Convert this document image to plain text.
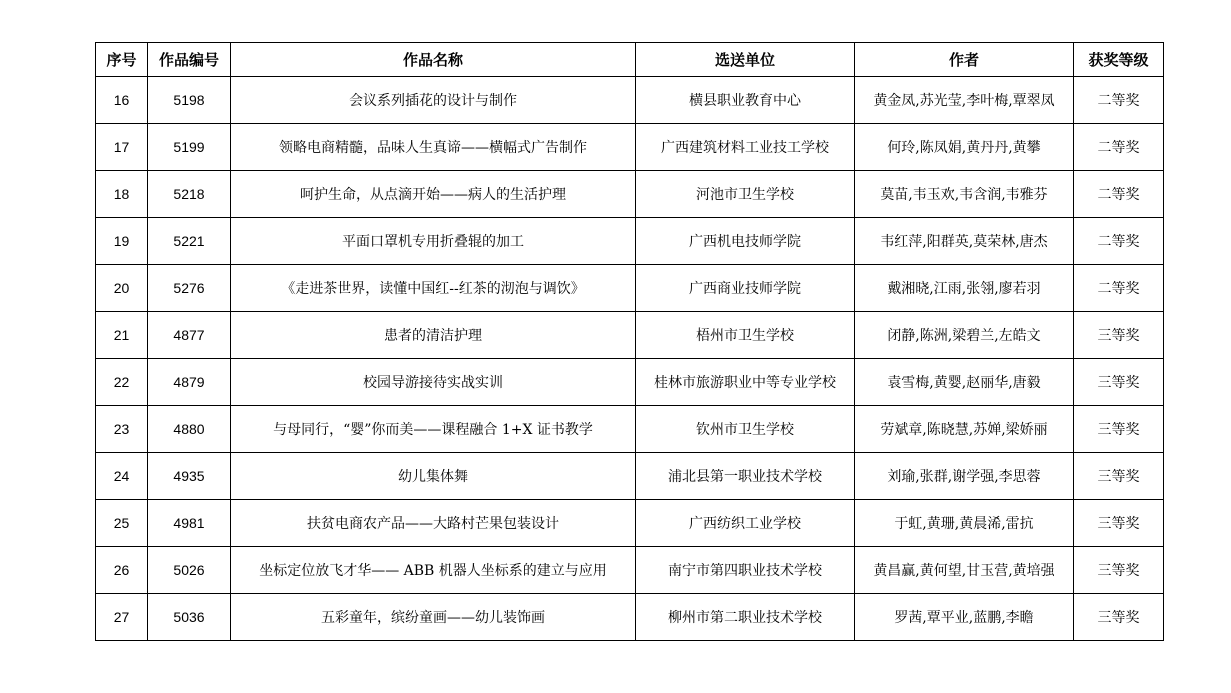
序号	作品编号	作品名称	选送单位	作者	获奖等级
16	5198	会议系列插花的设计与制作	横县职业教育中心	黄金凤,苏光莹,李叶梅,覃翠凤	二等奖
17	5199	领略电商精髓，品味人生真谛——横幅式广告制作	广西建筑材料工业技工学校	何玲,陈凤娟,黄丹丹,黄攀	二等奖
18	5218	呵护生命，从点滴开始——病人的生活护理	河池市卫生学校	莫苗,韦玉欢,韦含润,韦雅芬	二等奖
19	5221	平面口罩机专用折叠辊的加工	广西机电技师学院	韦红萍,阳群英,莫荣林,唐杰	二等奖
20	5276	《走进茶世界，读懂中国红--红茶的沏泡与调饮》	广西商业技师学院	戴湘晓,江雨,张翎,廖若羽	二等奖
21	4877	患者的清洁护理	梧州市卫生学校	闭静,陈洲,梁碧兰,左皓文	三等奖
22	4879	校园导游接待实战实训	桂林市旅游职业中等专业学校	袁雪梅,黄婴,赵丽华,唐毅	三等奖
23	4880	与母同行，“婴”你而美——课程融合 1+X 证书教学	钦州市卫生学校	劳斌章,陈晓慧,苏婵,梁娇丽	三等奖
24	4935	幼儿集体舞	浦北县第一职业技术学校	刘瑜,张群,谢学强,李思蓉	三等奖
25	4981	扶贫电商农产品——大路村芒果包装设计	广西纺织工业学校	于虹,黄珊,黄晨浠,雷抗	三等奖
26	5026	坐标定位放飞才华—— ABB 机器人坐标系的建立与应用	南宁市第四职业技术学校	黄昌赢,黄何望,甘玉营,黄培强	三等奖
27	5036	五彩童年，缤纷童画——幼儿装饰画	柳州市第二职业技术学校	罗茜,覃平业,蓝鹏,李瞻	三等奖
